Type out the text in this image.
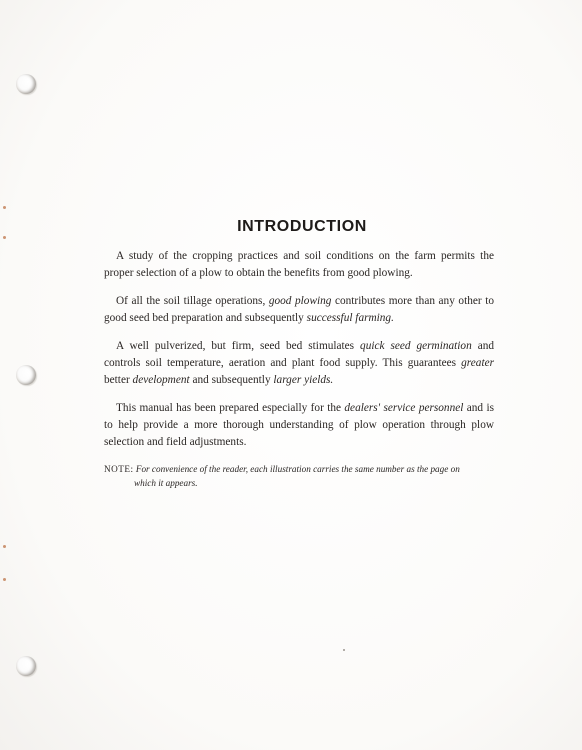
INTRODUCTION

A study of the cropping practices and soil conditions on the farm permits the proper selection of a plow to obtain the benefits from good plowing.

Of all the soil tillage operations, good plowing contributes more than any other to good seed bed preparation and subsequently successful farming.

A well pulverized, but firm, seed bed stimulates quick seed germination and controls soil temperature, aeration and plant food supply. This guarantees greater better development and subsequently larger yields.

This manual has been prepared especially for the dealers' service personnel and is to help provide a more thorough understanding of plow operation through plow selection and field adjustments.

NOTE: For convenience of the reader, each illustration carries the same number as the page on
which it appears.
